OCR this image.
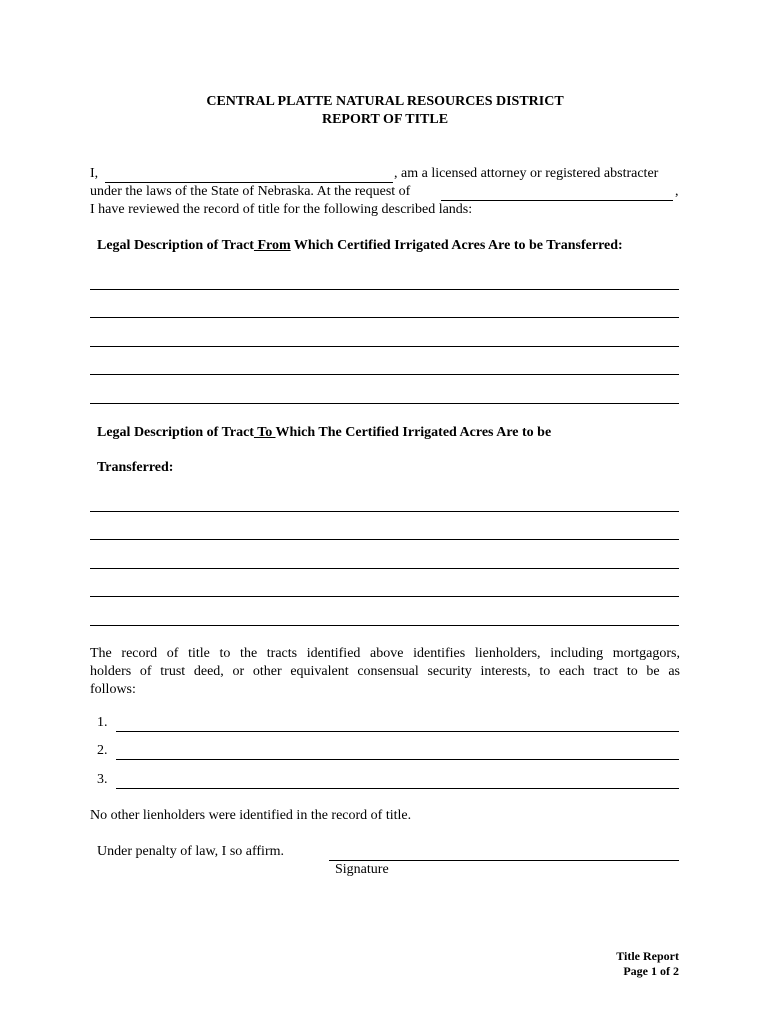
CENTRAL PLATTE NATURAL RESOURCES DISTRICT
REPORT OF TITLE
I,	, am a licensed attorney or registered abstracter
under the laws of the State of Nebraska. At the request of	,
I have reviewed the record of title for the following described lands:
Legal Description of Tract From Which Certified Irrigated Acres Are to be Transferred:
Legal Description of Tract To Which The Certified Irrigated Acres Are to be
Transferred:
The record of title to the tracts identified above identifies lienholders, including mortgagors,
holders of trust deed, or other equivalent consensual security interests, to each tract to be as
follows:
1.
2.
3.
No other lienholders were identified in the record of title.
Under penalty of law, I so affirm.
Signature
Title Report
Page 1 of 2
